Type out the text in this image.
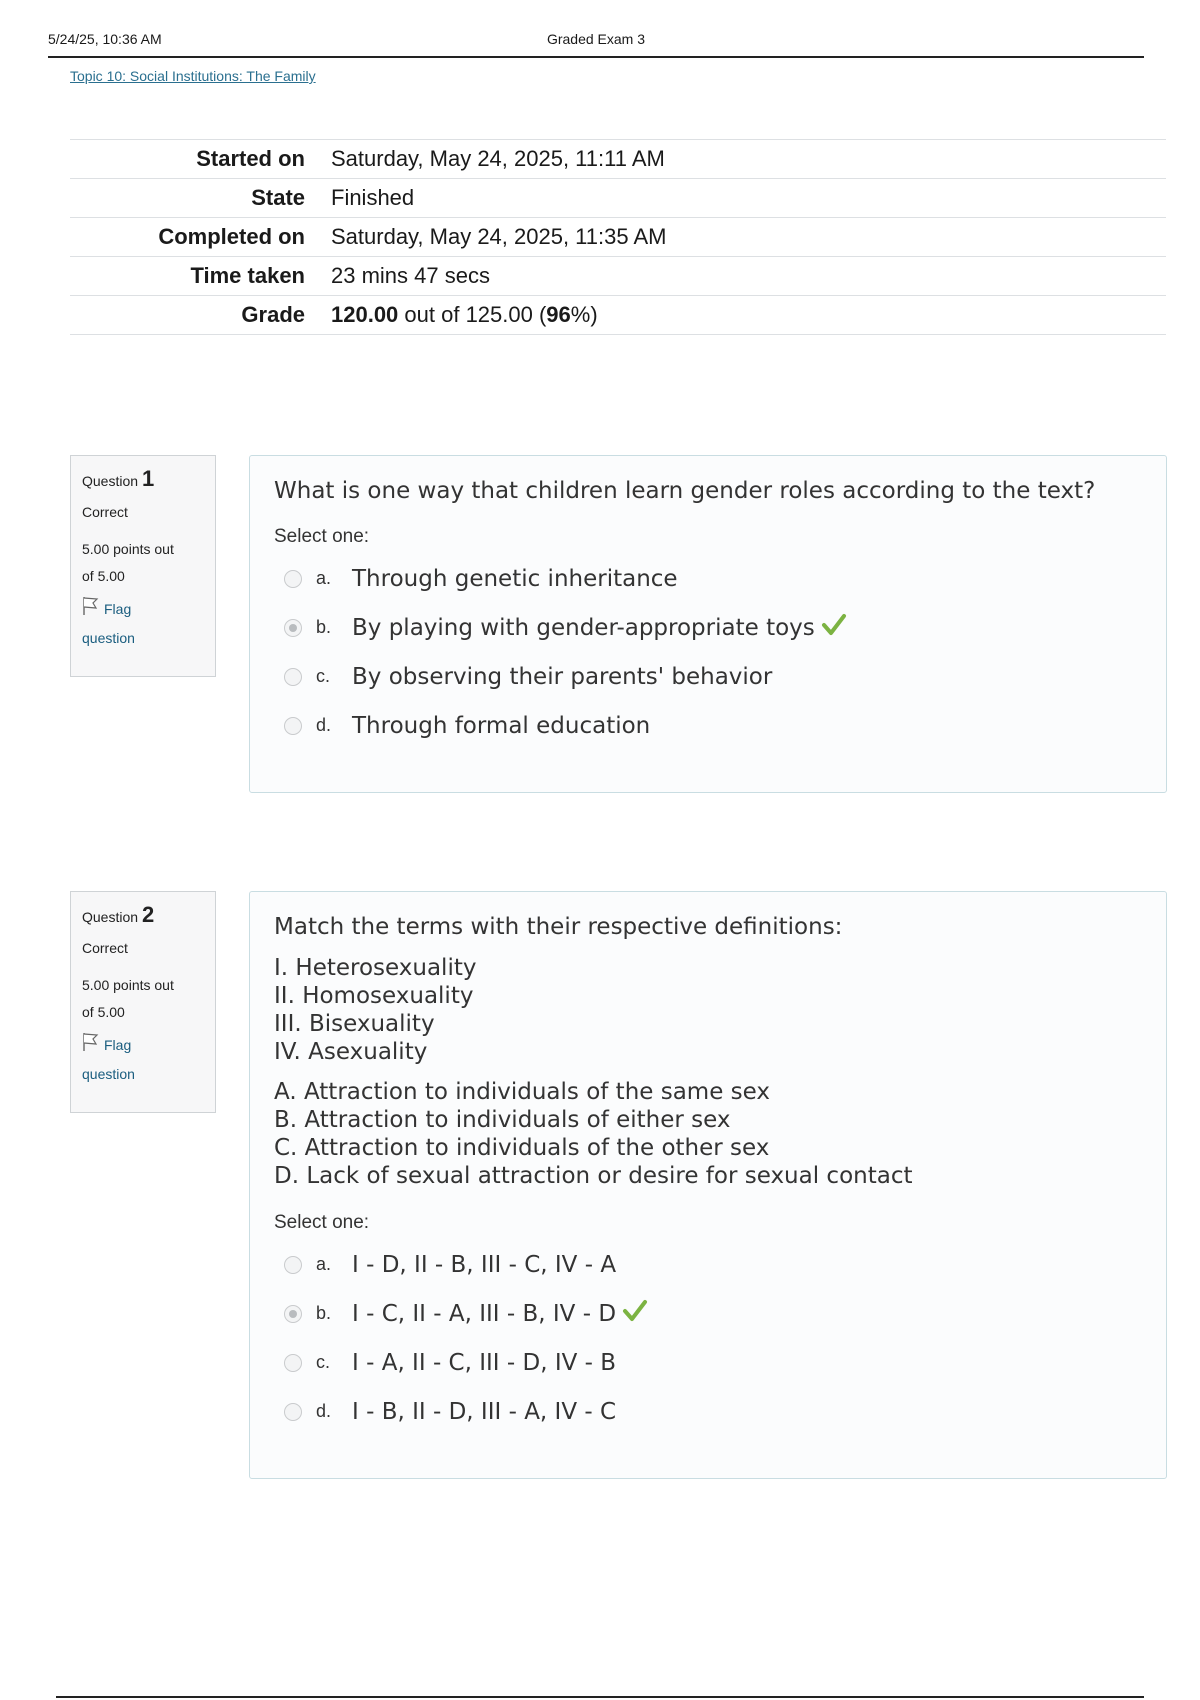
5/24/25, 10:36 AM	Graded Exam 3
Topic 10: Social Institutions: The Family
Started on	Saturday, May 24, 2025, 11:11 AM
State	Finished
Completed on	Saturday, May 24, 2025, 11:35 AM
Time taken	23 mins 47 secs
Grade	120.00 out of 125.00 (96%)
Question 1
Correct
5.00 points out
of 5.00
Flag
question
What is one way that children learn gender roles according to the text?
Select one:
a. Through genetic inheritance
b. By playing with gender-appropriate toys
c. By observing their parents' behavior
d. Through formal education
Question 2
Correct
5.00 points out
of 5.00
Flag
question
Match the terms with their respective definitions:
I. Heterosexuality
II. Homosexuality
III. Bisexuality
IV. Asexuality
A. Attraction to individuals of the same sex
B. Attraction to individuals of either sex
C. Attraction to individuals of the other sex
D. Lack of sexual attraction or desire for sexual contact
Select one:
a. I - D, II - B, III - C, IV - A
b. I - C, II - A, III - B, IV - D
c. I - A, II - C, III - D, IV - B
d. I - B, II - D, III - A, IV - C
